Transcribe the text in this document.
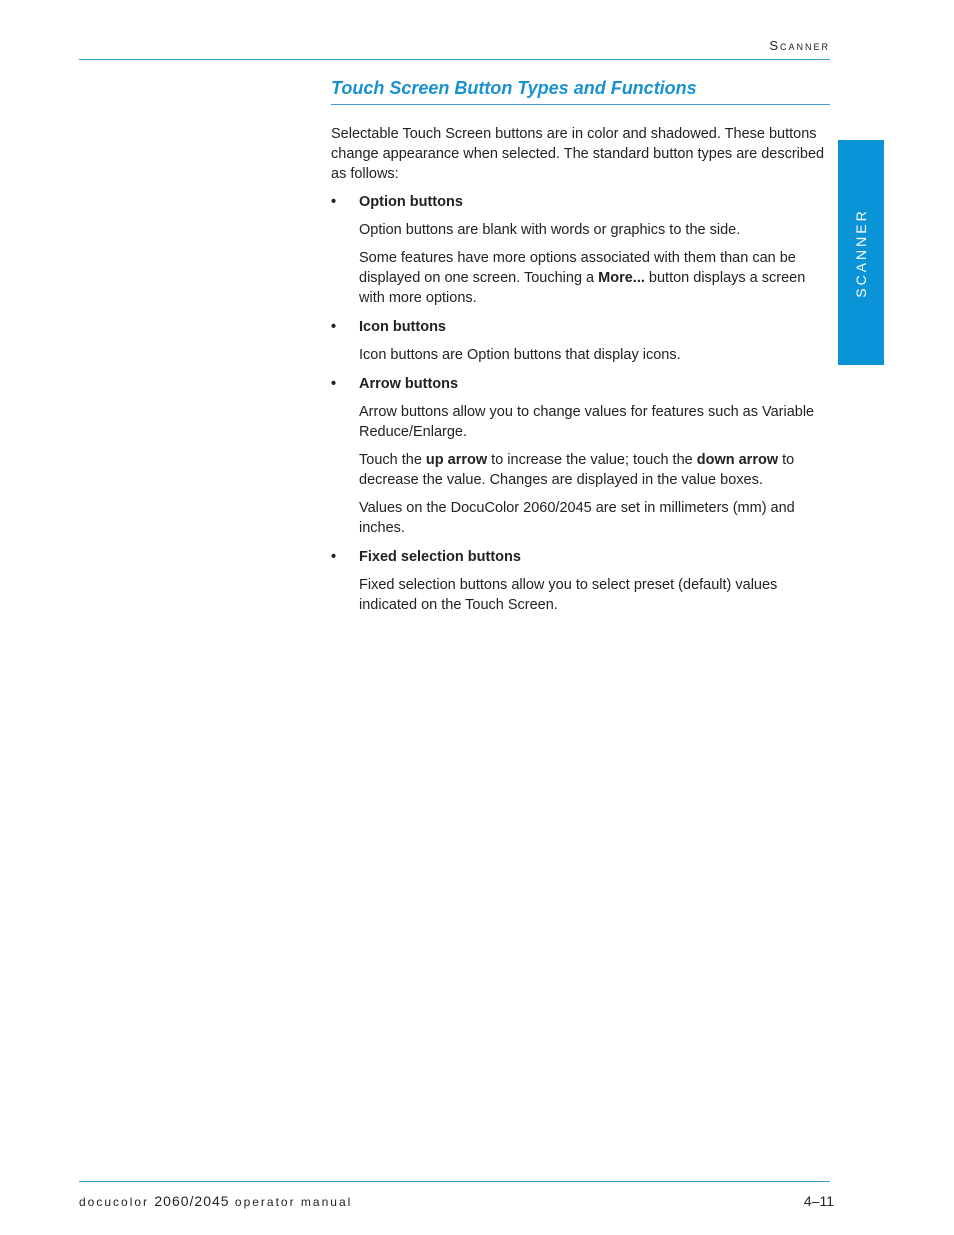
Scanner
Touch Screen Button Types and Functions

Selectable Touch Screen buttons are in color and shadowed. These buttons change appearance when selected. The standard button types are described as follows:

• Option buttons

Option buttons are blank with words or graphics to the side.

Some features have more options associated with them than can be displayed on one screen. Touching a More... button displays a screen with more options.

• Icon buttons

Icon buttons are Option buttons that display icons.

• Arrow buttons

Arrow buttons allow you to change values for features such as Variable Reduce/Enlarge.

Touch the up arrow to increase the value; touch the down arrow to decrease the value. Changes are displayed in the value boxes.

Values on the DocuColor 2060/2045 are set in millimeters (mm) and inches.

• Fixed selection buttons

Fixed selection buttons allow you to select preset (default) values indicated on the Touch Screen.

SCANNER
docucolor 2060/2045 operator manual	4–11
